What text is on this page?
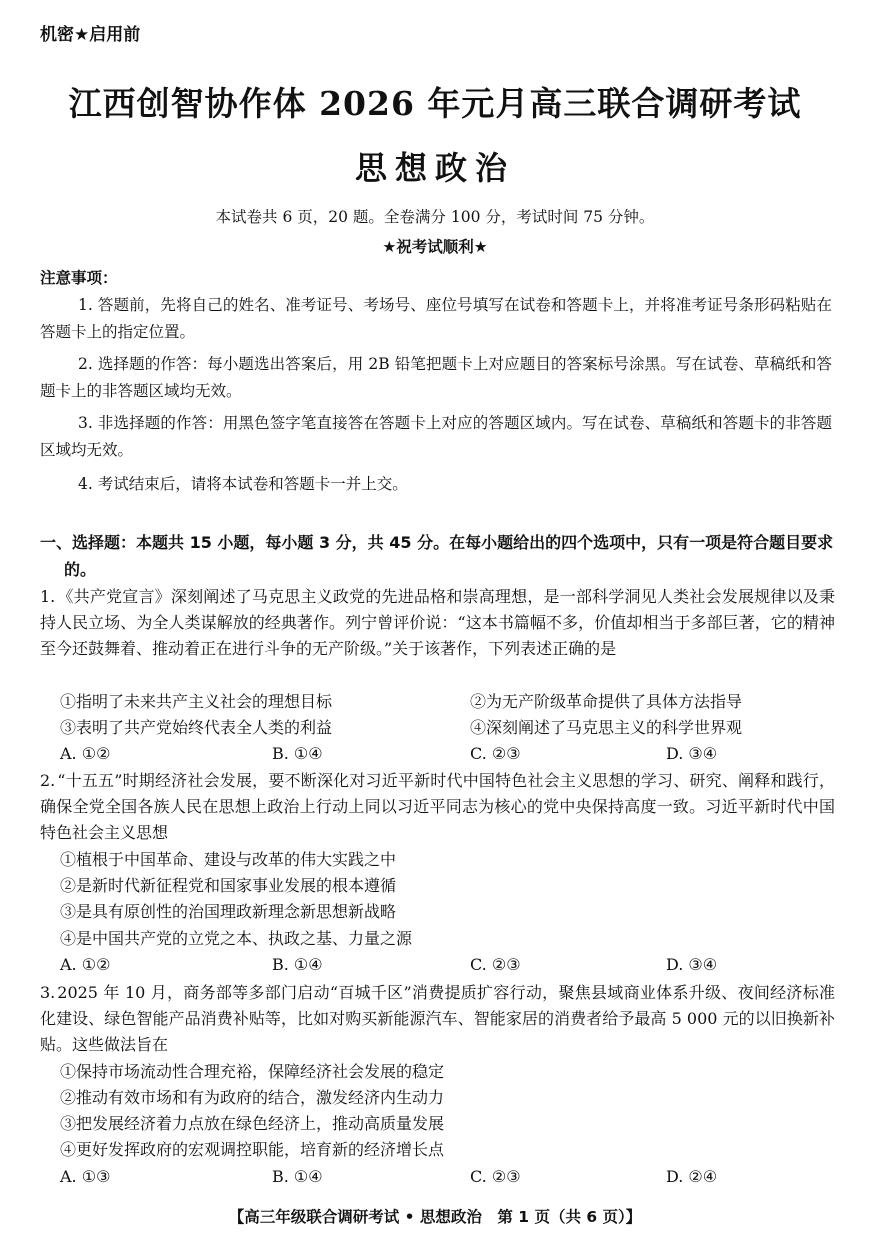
机密★启用前
江西创智协作体 2026 年元月高三联合调研考试
思想政治
本试卷共 6 页，20 题。全卷满分 100 分，考试时间 75 分钟。
★祝考试顺利★
注意事项：
1. 答题前，先将自己的姓名、准考证号、考场号、座位号填写在试卷和答题卡上，并将准考证号条形码粘贴在答题卡上的指定位置。
2. 选择题的作答：每小题选出答案后，用 2B 铅笔把题卡上对应题目的答案标号涂黑。写在试卷、草稿纸和答题卡上的非答题区域均无效。
3. 非选择题的作答：用黑色签字笔直接答在答题卡上对应的答题区域内。写在试卷、草稿纸和答题卡的非答题区域均无效。
4. 考试结束后，请将本试卷和答题卡一并上交。
一、选择题：本题共 15 小题，每小题 3 分，共 45 分。在每小题给出的四个选项中，只有一项是符合题目要求的。
1. 《共产党宣言》深刻阐述了马克思主义政党的先进品格和崇高理想，是一部科学洞见人类社会发展规律以及秉持人民立场、为全人类谋解放的经典著作。列宁曾评价说：“这本书篇幅不多，价值却相当于多部巨著，它的精神至今还鼓舞着、推动着正在进行斗争的无产阶级。”关于该著作，下列表述正确的是
①指明了未来共产主义社会的理想目标	②为无产阶级革命提供了具体方法指导
③表明了共产党始终代表全人类的利益	④深刻阐述了马克思主义的科学世界观
A. ①②	B. ①④	C. ②③	D. ③④
2. “十五五”时期经济社会发展，要不断深化对习近平新时代中国特色社会主义思想的学习、研究、阐释和践行，确保全党全国各族人民在思想上政治上行动上同以习近平同志为核心的党中央保持高度一致。习近平新时代中国特色社会主义思想
①植根于中国革命、建设与改革的伟大实践之中
②是新时代新征程党和国家事业发展的根本遵循
③是具有原创性的治国理政新理念新思想新战略
④是中国共产党的立党之本、执政之基、力量之源
A. ①②	B. ①④	C. ②③	D. ③④
3. 2025 年 10 月，商务部等多部门启动“百城千区”消费提质扩容行动，聚焦县域商业体系升级、夜间经济标准化建设、绿色智能产品消费补贴等，比如对购买新能源汽车、智能家居的消费者给予最高 5 000 元的以旧换新补贴。这些做法旨在
①保持市场流动性合理充裕，保障经济社会发展的稳定
②推动有效市场和有为政府的结合，激发经济内生动力
③把发展经济着力点放在绿色经济上，推动高质量发展
④更好发挥政府的宏观调控职能，培育新的经济增长点
A. ①③	B. ①④	C. ②③	D. ②④
【高三年级联合调研考试 • 思想政治　第 1 页（共 6 页）】
